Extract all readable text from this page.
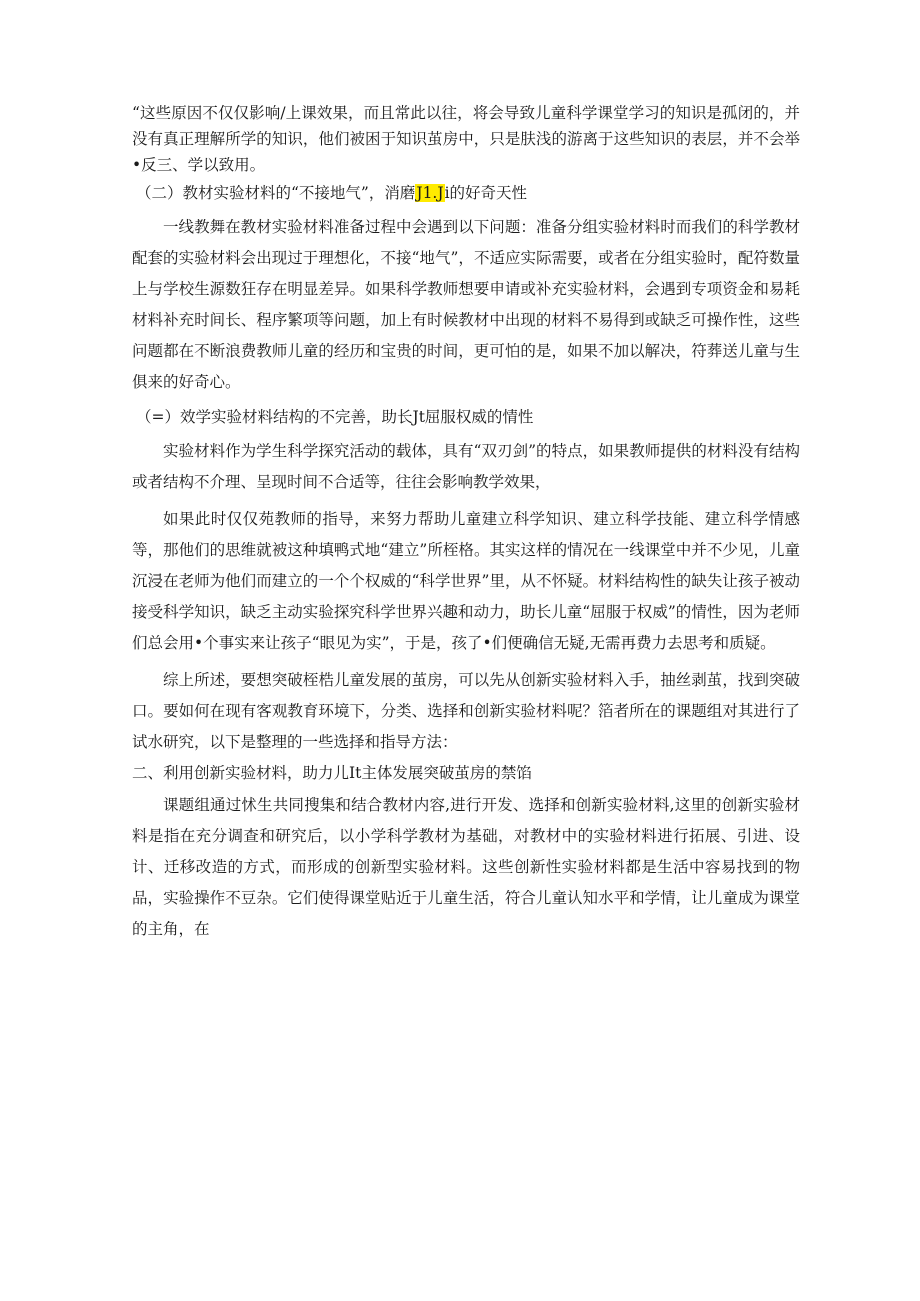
“这些原因不仅仅影响/上课效果，而且常此以往，将会导致儿童科学课堂学习的知识是孤闭的，并没有真正理解所学的知识，他们被困于知识茧房中，只是肤浅的游离于这些知识的表层，并不会举•反三、学以致用。

（二）教材实验材料的“不接地气”，消磨J1.Ji的好奇天性

一线教舞在教材实验材料准备过程中会遇到以下问题：准备分组实验材料时而我们的科学教材配套的实验材料会出现过于理想化，不接“地气”，不适应实际需要，或者在分组实验时，配符数量上与学校生源数狂存在明显差异。如果科学教师想要申请或补充实验材料，会遇到专项资金和易耗材料补充时间长、程序繁项等问题，加上有时候教材中出现的材料不易得到或缺乏可操作性，这些问题都在不断浪费教师儿童的经历和宝贵的时间，更可怕的是，如果不加以解决，符葬送儿童与生俱来的好奇心。

（=）效学实验材料结构的不完善，助长Jt屈服权威的情性

实验材料作为学生科学探究活动的载体，具有“双刃剑”的特点，如果教师提供的材料没有结构或者结构不介理、呈现时间不合适等，往往会影响教学效果，

如果此时仅仅苑教师的指导，来努力帮助儿童建立科学知识、建立科学技能、建立科学情感等，那他们的思维就被这种填鸭式地“建立”所桎格。其实这样的情况在一线课堂中并不少见，儿童沉浸在老师为他们而建立的一个个权威的“科学世界”里，从不怀疑。材料结构性的缺失让孩子被动接受科学知识，缺乏主动实验探究科学世界兴趣和动力，助长儿童“屈服于权威”的情性，因为老师们总会用•个事实来让孩子“眼见为实”，于是，孩了•们便确信无疑,无需再费力去思考和质疑。

综上所述，要想突破桎梏儿童发展的茧房，可以先从创新实验材料入手，抽丝剥茧，找到突破口。要如何在现有客观教育环境下，分类、选择和创新实验材料呢？箔者所在的课题组对其进行了试水研究，以下是整理的一些选择和指导方法：

二、利用创新实验材料，助力儿It主体发展突破茧房的禁馅

课题组通过怵生共同搜集和结合教材内容,进行开发、选择和创新实验材料,这里的创新实验材料是指在充分调查和研究后，以小学科学教材为基础，对教材中的实验材料进行拓展、引进、设计、迁移改造的方式，而形成的创新型实验材料。这些创新性实验材料都是生活中容易找到的物品，实验操作不豆杂。它们使得课堂贴近于儿童生活，符合儿童认知水平和学情，让儿童成为课堂的主角，在
